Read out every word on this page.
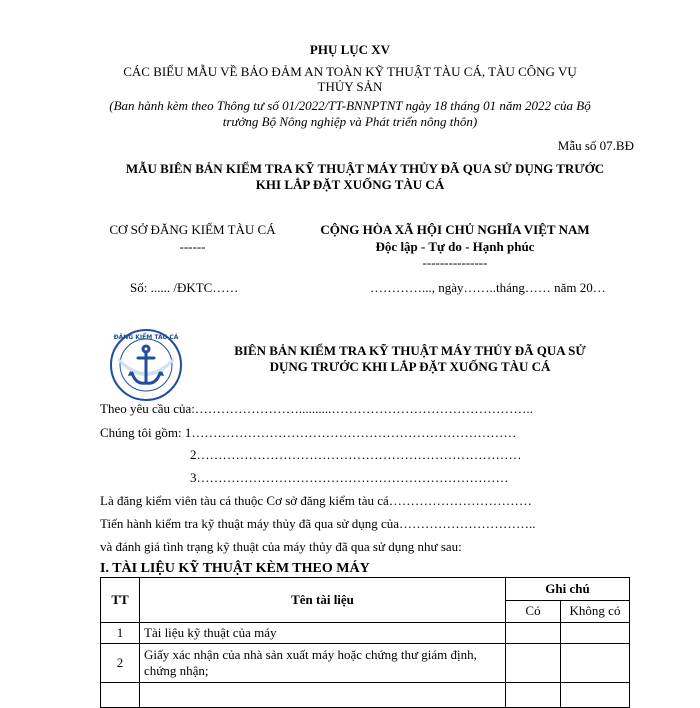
PHỤ LỤC XV
CÁC BIỂU MẪU VỀ BẢO ĐẢM AN TOÀN KỸ THUẬT TÀU CÁ, TÀU CÔNG VỤ
THỦY SẢN
(Ban hành kèm theo Thông tư số 01/2022/TT-BNNPTNT ngày 18 tháng 01 năm 2022 của Bộ
trưởng Bộ Nông nghiệp và Phát triển nông thôn)
Mẫu số 07.BĐ
MẪU BIÊN BẢN KIỂM TRA KỸ THUẬT MÁY THỦY ĐÃ QUA SỬ DỤNG TRƯỚC
KHI LẮP ĐẶT XUỐNG TÀU CÁ
CƠ SỞ ĐĂNG KIỂM TÀU CÁ
------
Số: ...... /ĐKTC……
CỘNG HÒA XÃ HỘI CHỦ NGHĨA VIỆT NAM
Độc lập - Tự do - Hạnh phúc
---------------
…………..., ngày……..tháng…… năm 20…
ĐĂNG KIỂM TÀU CÁ
BIÊN BẢN KIỂM TRA KỸ THUẬT MÁY THỦY ĐÃ QUA SỬ
DỤNG TRƯỚC KHI LẮP ĐẶT XUỐNG TÀU CÁ
Theo yêu cầu của:……………………..........………………………………………..
Chúng tôi gồm: 1…………………………………………………………………
2…………………………………………………………………
3………………………………………………………………
Là đăng kiểm viên tàu cá thuộc Cơ sở đăng kiểm tàu cá……………………………
Tiến hành kiểm tra kỹ thuật máy thủy đã qua sử dụng của…………………………..
và đánh giá tình trạng kỹ thuật của máy thủy đã qua sử dụng như sau:
I. TÀI LIỆU KỸ THUẬT KÈM THEO MÁY
TT	Tên tài liệu	Ghi chú	
		Có	Không có
1	Tài liệu kỹ thuật của máy		
2	Giấy xác nhận của nhà sản xuất máy hoặc chứng thư giám định, chứng nhận;		
